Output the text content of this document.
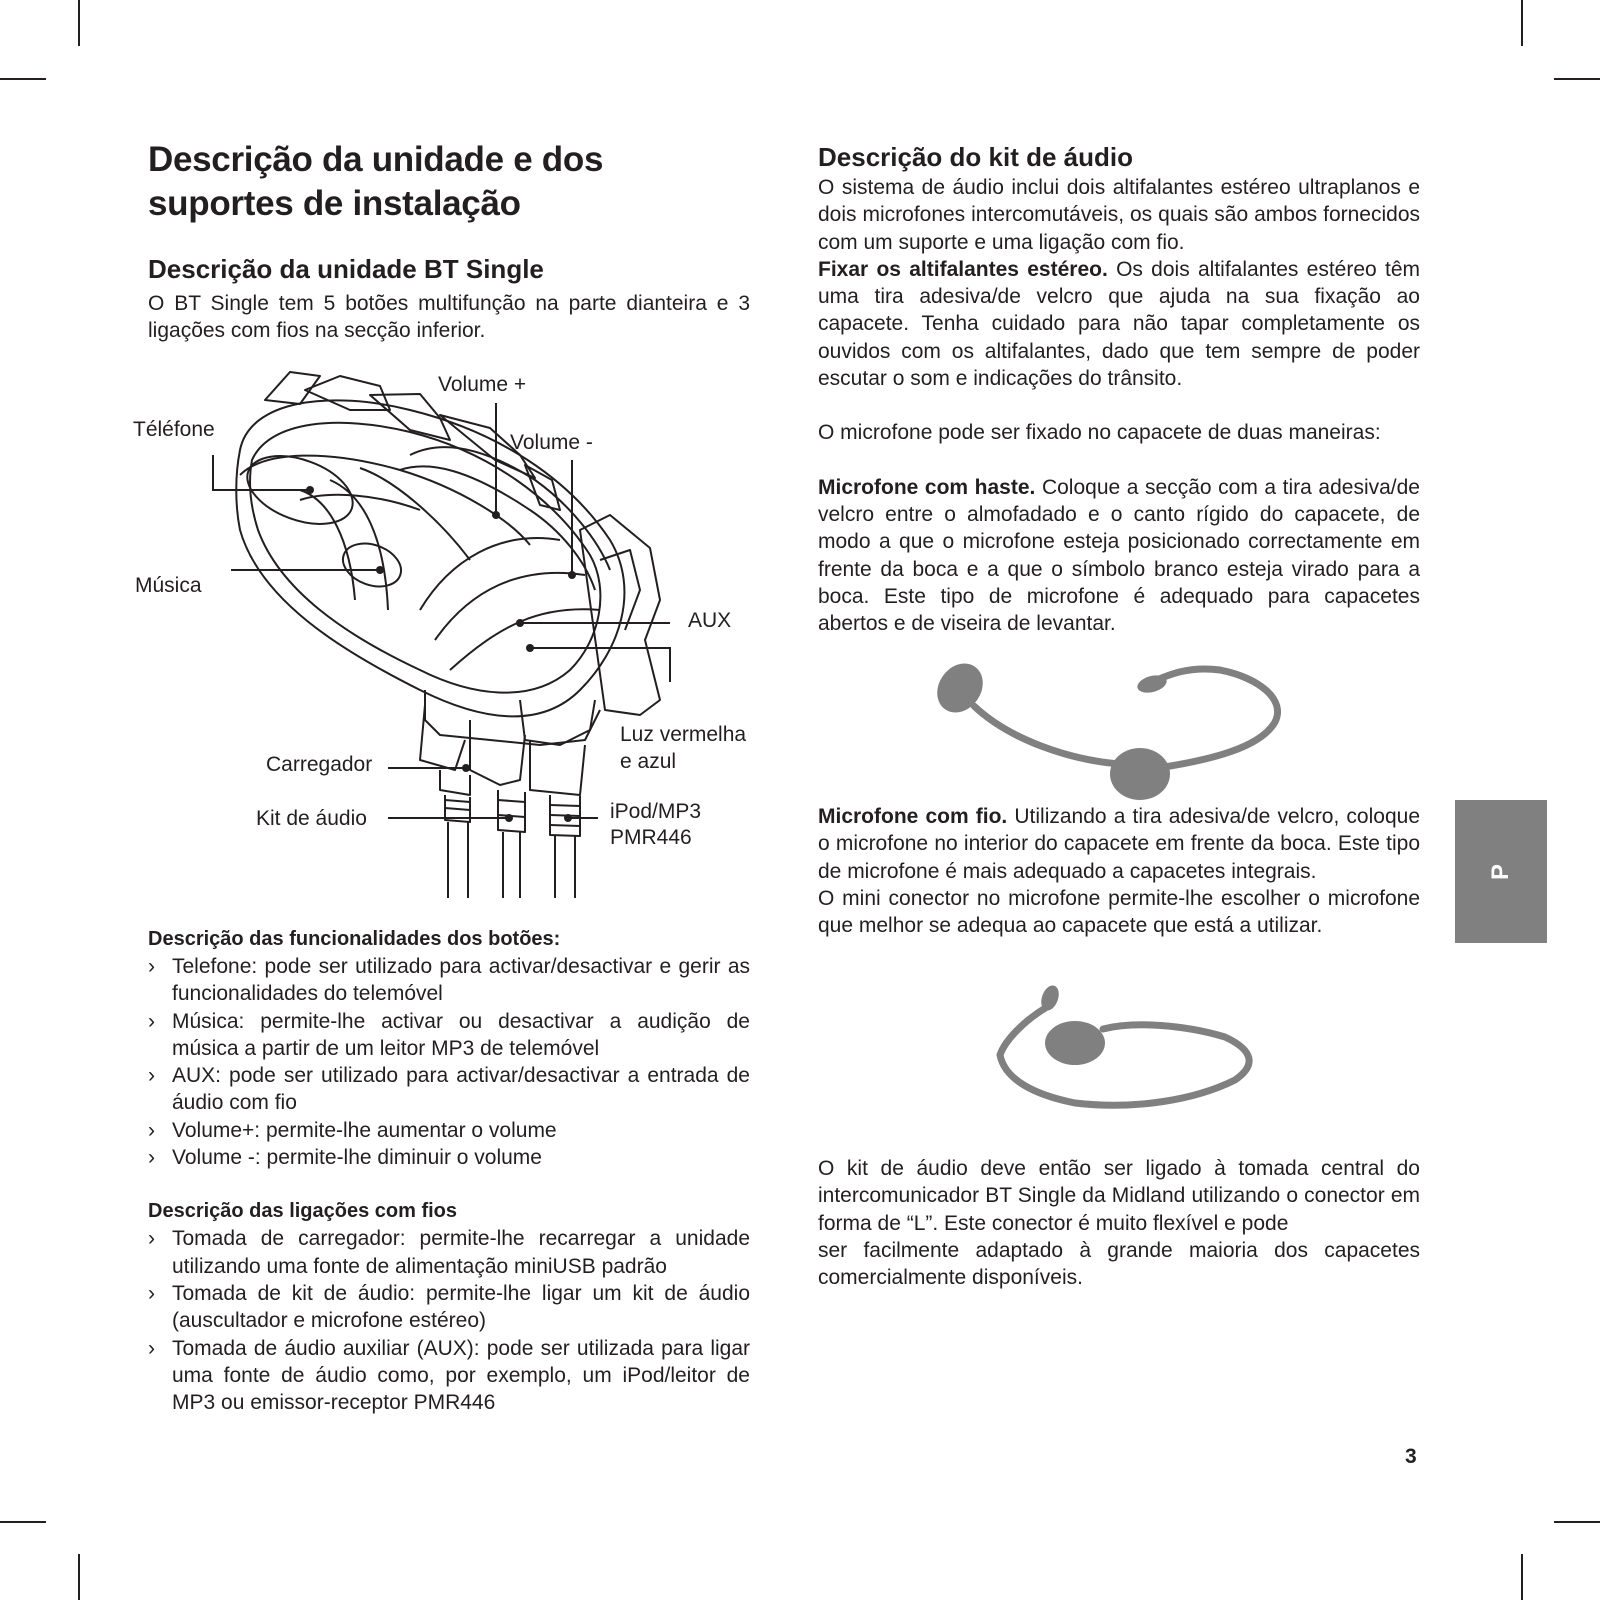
Descrição da unidade e dos suportes de instalação
Descrição da unidade BT Single

O BT Single tem 5 botões multifunção na parte dianteira e 3 ligações com fios na secção inferior.

Volume +
Téléfone
Volume -
Música
AUX
Luz vermelha
e azul
Carregador
iPod/MP3
Kit de áudio
PMR446
Descrição das funcionalidades dos botões:
› Telefone: pode ser utilizado para activar/desactivar e gerir as funcionalidades do telemóvel
› Música: permite-lhe activar ou desactivar a audição de música a partir de um leitor MP3 de telemóvel
› AUX: pode ser utilizado para activar/desactivar a entrada de áudio com fio
› Volume+: permite-lhe aumentar o volume
› Volume -: permite-lhe diminuir o volume
Descrição das ligações com fios
› Tomada de carregador: permite-lhe recarregar a unidade utilizando uma fonte de alimentação miniUSB padrão
› Tomada de kit de áudio: permite-lhe ligar um kit de áudio (auscultador e microfone estéreo)
› Tomada de áudio auxiliar (AUX): pode ser utilizada para ligar uma fonte de áudio como, por exemplo, um iPod/leitor de MP3 ou emissor-receptor PMR446
Descrição do kit de áudio

O sistema de áudio inclui dois altifalantes estéreo ultraplanos e dois microfones intercomutáveis, os quais são ambos fornecidos com um suporte e uma ligação com fio.

Fixar os altifalantes estéreo. Os dois altifalantes estéreo têm uma tira adesiva/de velcro que ajuda na sua fixação ao capacete. Tenha cuidado para não tapar completamente os ouvidos com os altifalantes, dado que tem sempre de poder escutar o som e indicações do trânsito.

O microfone pode ser fixado no capacete de duas maneiras:

Microfone com haste. Coloque a secção com a tira adesiva/de velcro entre o almofadado e o canto rígido do capacete, de modo a que o microfone esteja posicionado correctamente em frente da boca e a que o símbolo branco esteja virado para a boca. Este tipo de microfone é adequado para capacetes abertos e de viseira de levantar.

Microfone com fio. Utilizando a tira adesiva/de velcro, coloque o microfone no interior do capacete em frente da boca. Este tipo de microfone é mais adequado a capacetes integrais.

O mini conector no microfone permite-lhe escolher o microfone que melhor se adequa ao capacete que está a utilizar.

O kit de áudio deve então ser ligado à tomada central do intercomunicador BT Single da Midland utilizando o conector em forma de “L”. Este conector é muito flexível e pode

ser facilmente adaptado à grande maioria dos capacetes comercialmente disponíveis.

P
3
